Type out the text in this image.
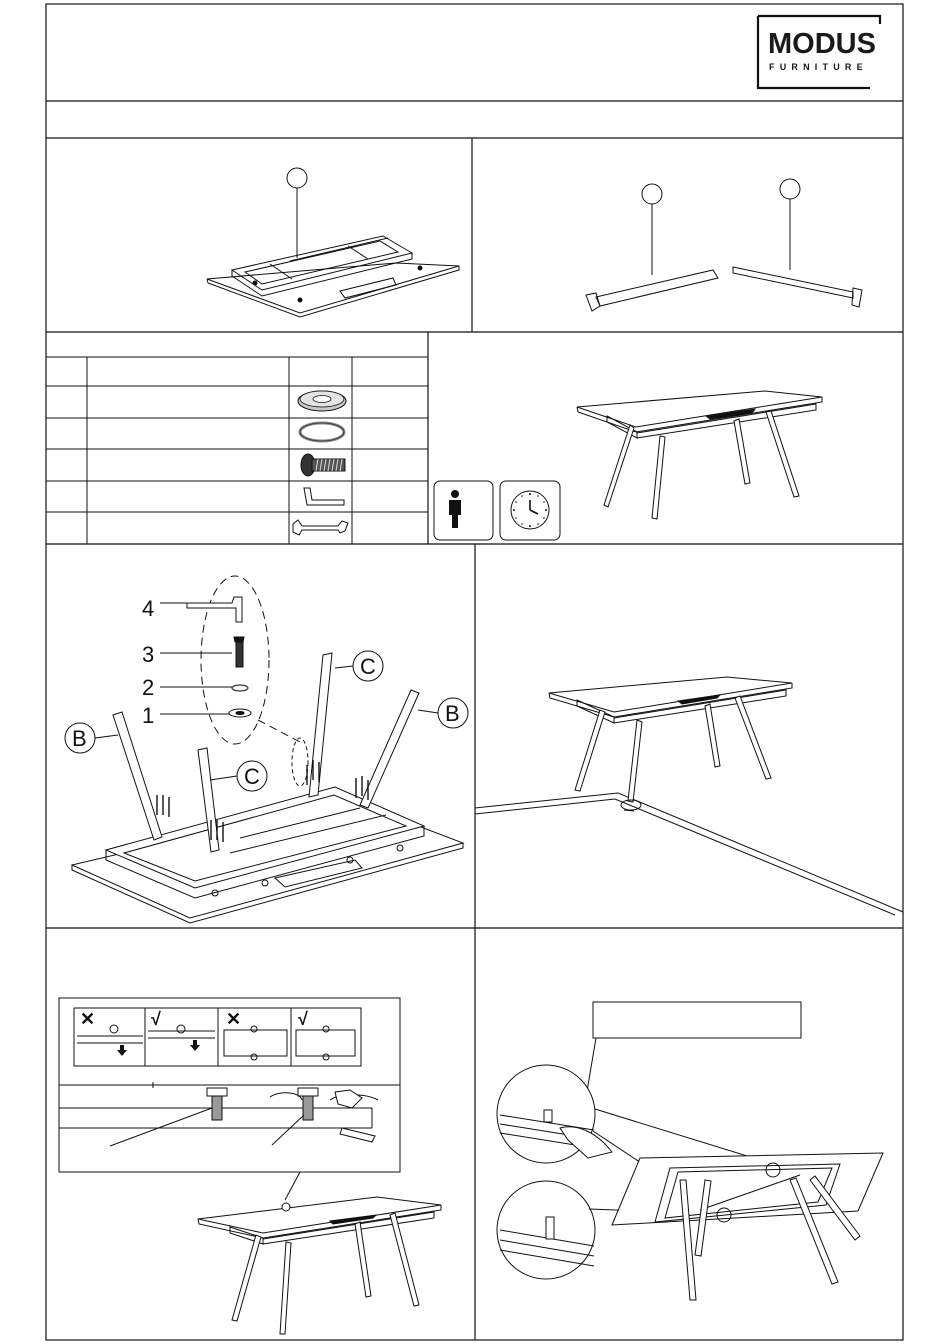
4
3
2
1
C
C
B
B
✕	√	✕	√
MODUS
FURNITURE
